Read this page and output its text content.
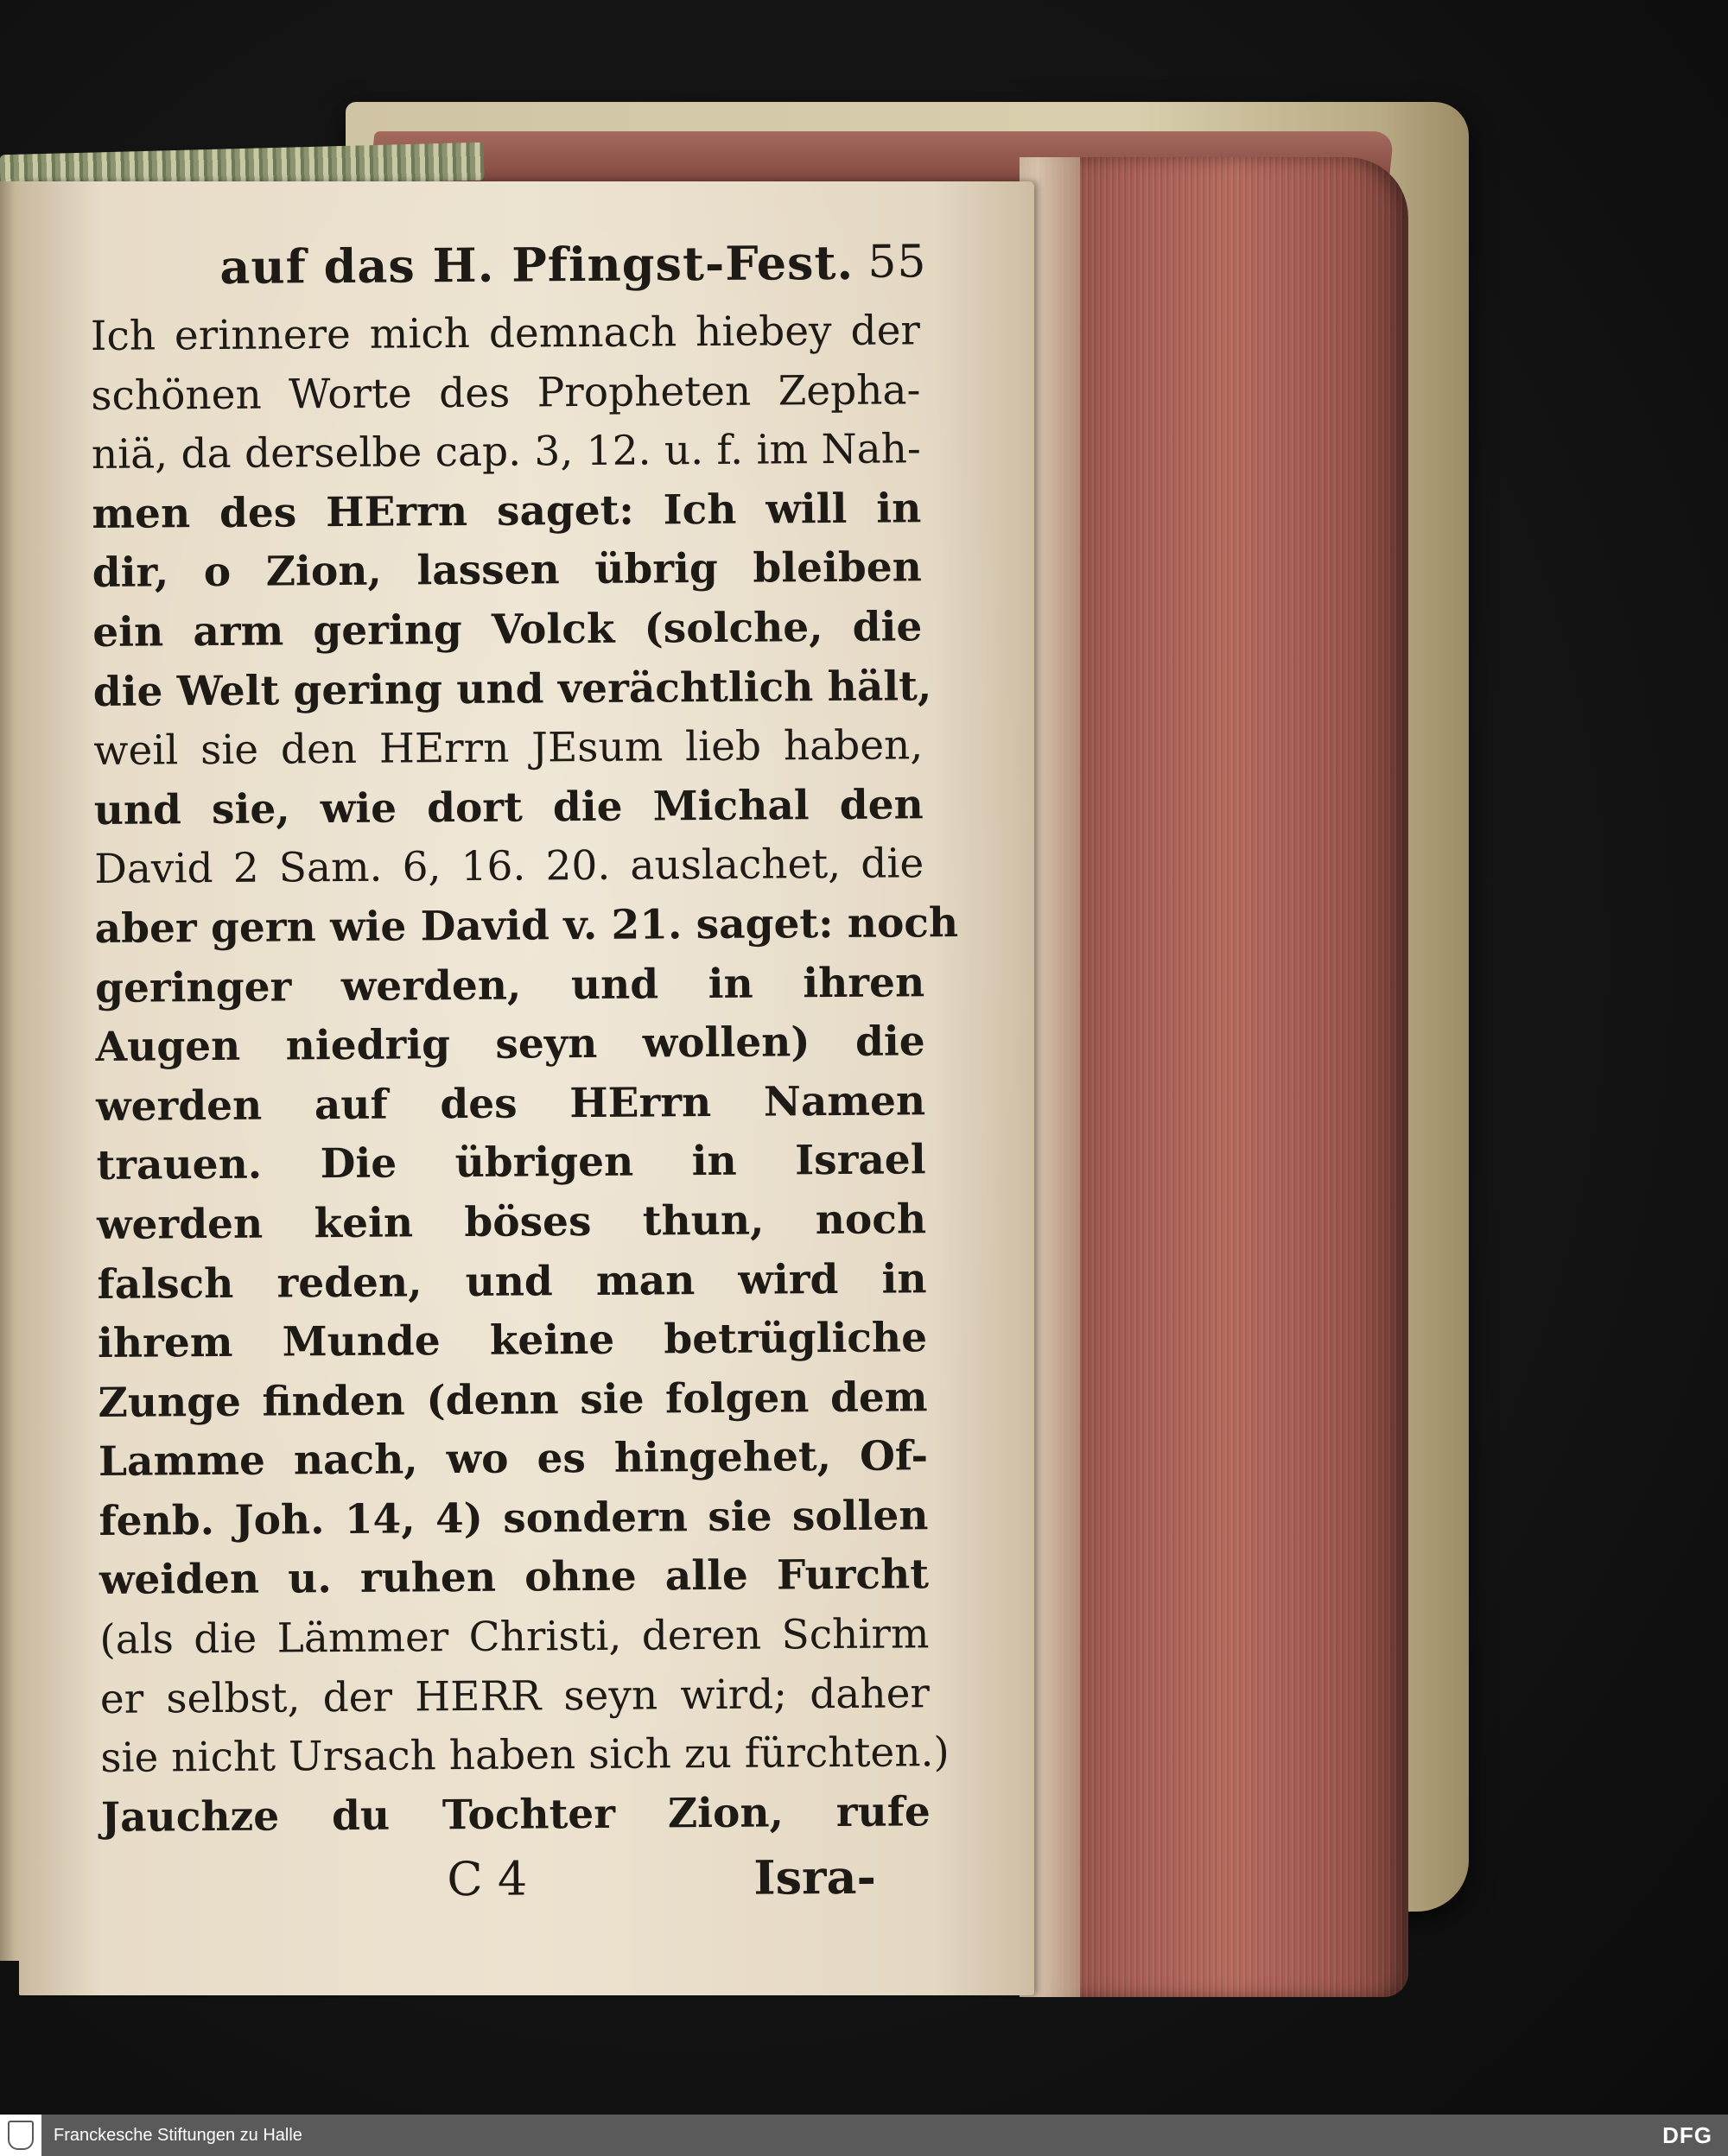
auf das H. Pfingst-Fest. 55
Ich erinnere mich demnach hiebey der
schönen Worte des Propheten Zepha-
niä, da derselbe cap. 3, 12. u. f. im Nah-
men des HErrn saget: Ich will in
dir, o Zion, lassen übrig bleiben
ein arm gering Volck (solche, die
die Welt gering und verächtlich hält,
weil sie den HErrn JEsum lieb haben,
und sie, wie dort die Michal den
David 2 Sam. 6, 16. 20. auslachet, die
aber gern wie David v. 21. saget: noch
geringer werden, und in ihren
Augen niedrig seyn wollen) die
werden auf des HErrn Namen
trauen. Die übrigen in Israel
werden kein böses thun, noch
falsch reden, und man wird in
ihrem Munde keine betrügliche
Zunge finden (denn sie folgen dem
Lamme nach, wo es hingehet, Of-
fenb. Joh. 14, 4) sondern sie sollen
weiden u. ruhen ohne alle Furcht
(als die Lämmer Christi, deren Schirm
er selbst, der HERR seyn wird; daher
sie nicht Ursach haben sich zu fürchten.)
Jauchze du Tochter Zion, rufe
C 4	Isra-
Franckesche Stiftungen zu Halle	DFG
